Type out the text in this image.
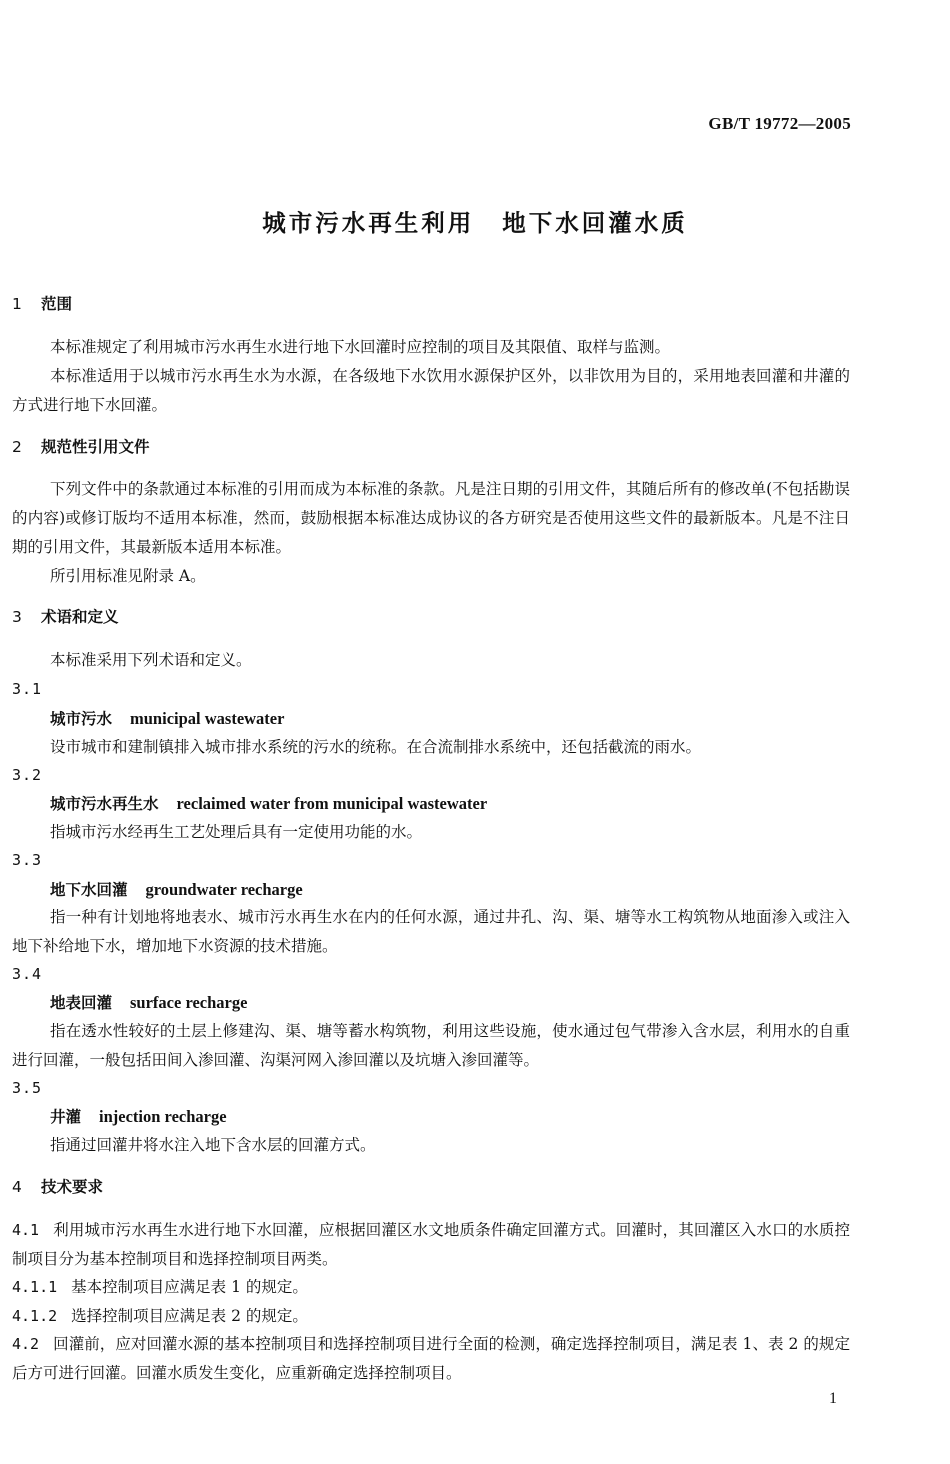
GB/T 19772—2005
城市污水再生利用 地下水回灌水质
1 范围
本标准规定了利用城市污水再生水进行地下水回灌时应控制的项目及其限值、取样与监测。
本标准适用于以城市污水再生水为水源，在各级地下水饮用水源保护区外，以非饮用为目的，采用地表回灌和井灌的方式进行地下水回灌。
2 规范性引用文件
下列文件中的条款通过本标准的引用而成为本标准的条款。凡是注日期的引用文件，其随后所有的修改单(不包括勘误的内容)或修订版均不适用本标准，然而，鼓励根据本标准达成协议的各方研究是否使用这些文件的最新版本。凡是不注日期的引用文件，其最新版本适用本标准。
所引用标准见附录 A。
3 术语和定义
本标准采用下列术语和定义。
3.1
城市污水 municipal wastewater
设市城市和建制镇排入城市排水系统的污水的统称。在合流制排水系统中，还包括截流的雨水。
3.2
城市污水再生水 reclaimed water from municipal wastewater
指城市污水经再生工艺处理后具有一定使用功能的水。
3.3
地下水回灌 groundwater recharge
指一种有计划地将地表水、城市污水再生水在内的任何水源，通过井孔、沟、渠、塘等水工构筑物从地面渗入或注入地下补给地下水，增加地下水资源的技术措施。
3.4
地表回灌 surface recharge
指在透水性较好的土层上修建沟、渠、塘等蓄水构筑物，利用这些设施，使水通过包气带渗入含水层，利用水的自重进行回灌，一般包括田间入渗回灌、沟渠河网入渗回灌以及坑塘入渗回灌等。
3.5
井灌 injection recharge
指通过回灌井将水注入地下含水层的回灌方式。
4 技术要求
4.1 利用城市污水再生水进行地下水回灌，应根据回灌区水文地质条件确定回灌方式。回灌时，其回灌区入水口的水质控制项目分为基本控制项目和选择控制项目两类。
4.1.1 基本控制项目应满足表 1 的规定。
4.1.2 选择控制项目应满足表 2 的规定。
4.2 回灌前，应对回灌水源的基本控制项目和选择控制项目进行全面的检测，确定选择控制项目，满足表 1、表 2 的规定后方可进行回灌。回灌水质发生变化，应重新确定选择控制项目。
1
